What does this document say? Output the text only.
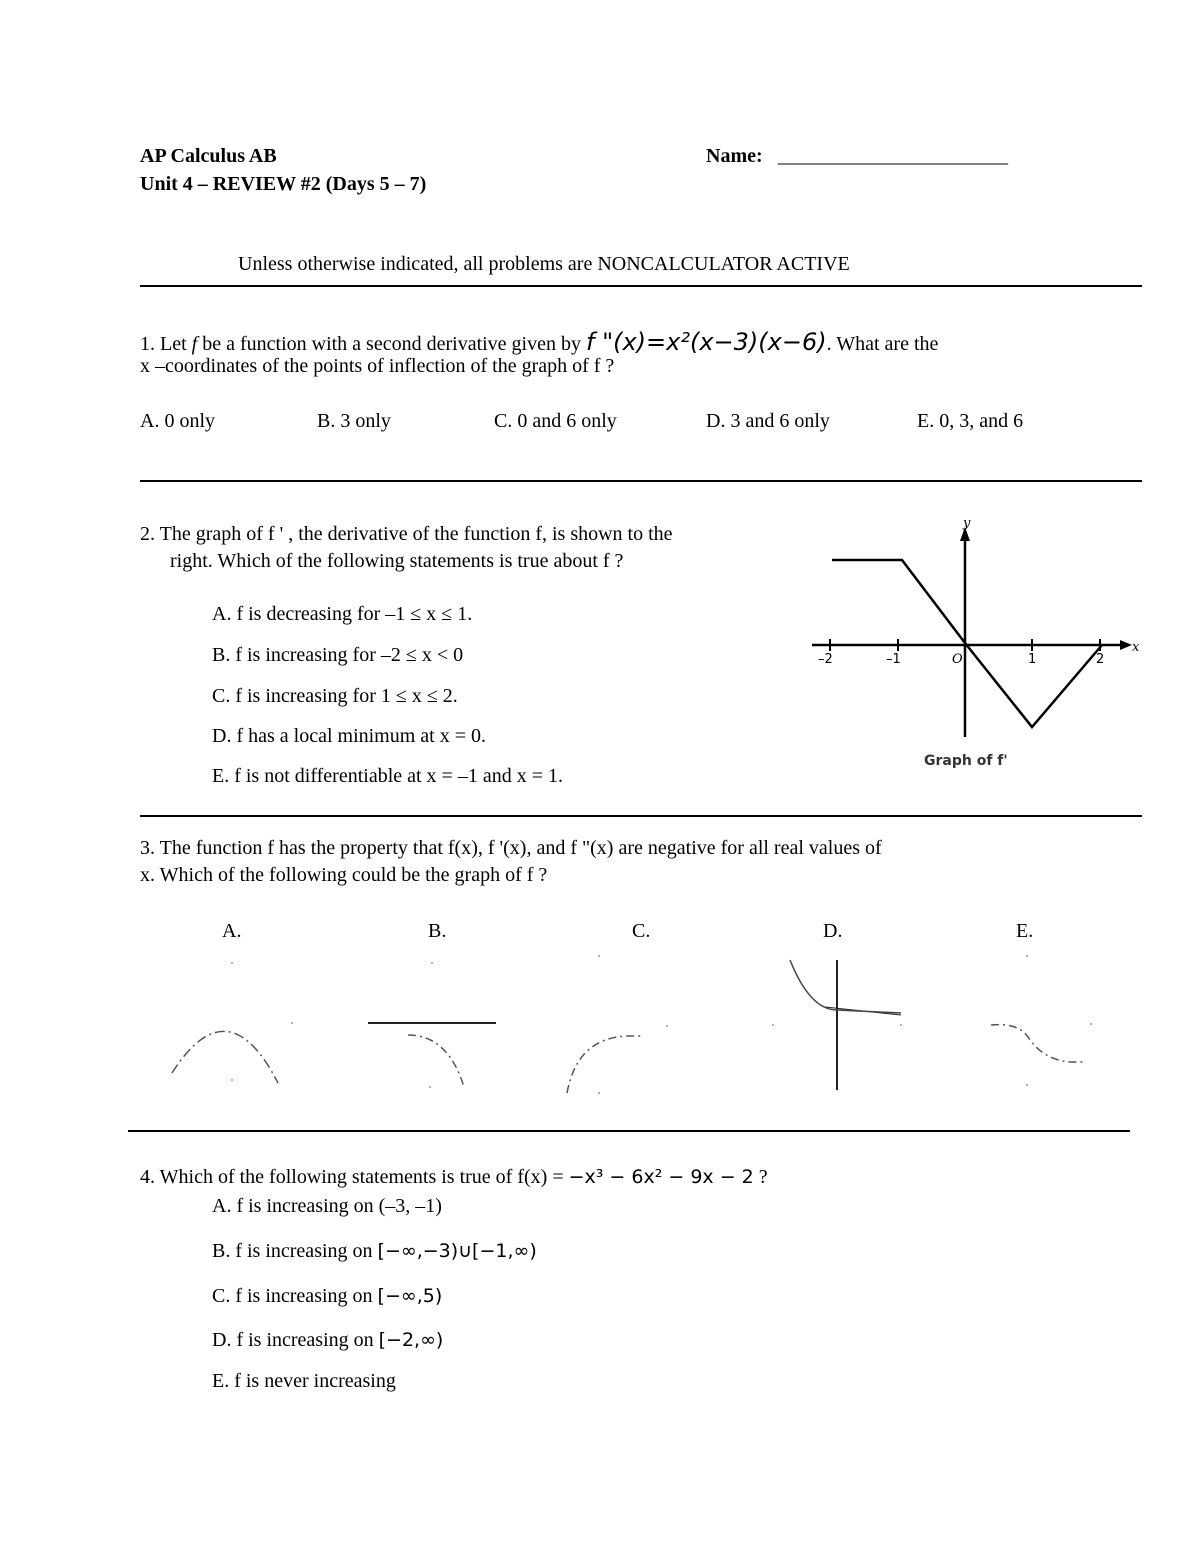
AP Calculus AB
Unit 4 – REVIEW #2 (Days 5 – 7)
Name: _______________________
Unless otherwise indicated, all problems are NONCALCULATOR ACTIVE
1. Let f be a function with a second derivative given by f "(x)=x²(x−3)(x−6). What are the
x –coordinates of the points of inflection of the graph of f ?
A. 0 only	B. 3 only	C. 0 and 6 only	D. 3 and 6 only	E. 0, 3, and 6
2. The graph of f ' , the derivative of the function f, is shown to the
right. Which of the following statements is true about f ?
A. f is decreasing for –1 ≤ x ≤ 1.
B. f is increasing for –2 ≤ x < 0
C. f is increasing for 1 ≤ x ≤ 2.
D. f has a local minimum at x = 0.
E. f is not differentiable at x = –1 and x = 1.
–2	–1	O	1	2
x
y
Graph of f'
3. The function f has the property that f(x), f '(x), and f "(x) are negative for all real values of
x. Which of the following could be the graph of f ?
A.	B.	C.	D.	E.
4. Which of the following statements is true of f(x) = −x³ − 6x² − 9x − 2 ?
A. f is increasing on (–3, –1)
B. f is increasing on [−∞,−3)∪[−1,∞)
C. f is increasing on [−∞,5)
D. f is increasing on [−2,∞)
E. f is never increasing
